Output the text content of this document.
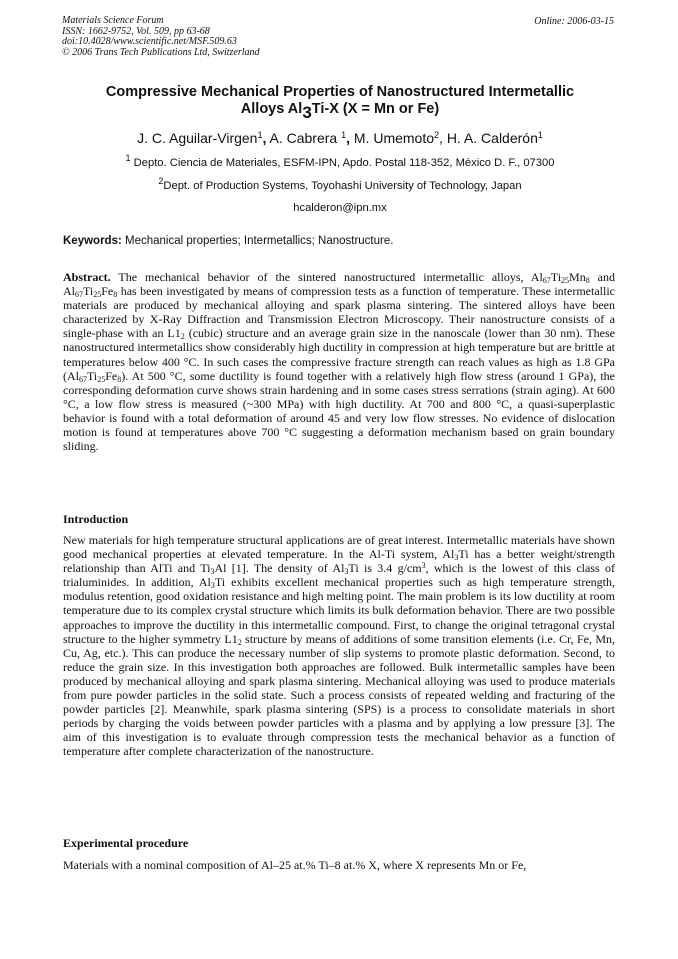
Materials Science Forum
ISSN: 1662-9752, Vol. 509, pp 63-68
doi:10.4028/www.scientific.net/MSF.509.63
© 2006 Trans Tech Publications Ltd, Switzerland
Online: 2006-03-15
Compressive Mechanical Properties of Nanostructured Intermetallic
Alloys $Al_3Ti-X$ (X = Mn or Fe)
J. C. Aguilar-Virgen$^1$, A. Cabrera $^1$, M. Umemoto$^2$, H. A. Calderón$^1$
$^1$ Depto. Ciencia de Materiales, ESFM-IPN, Apdo. Postal 118-352, México D. F., 07300
$^2$Dept. of Production Systems, Toyohashi University of Technology, Japan
hcalderon@ipn.mx
Keywords: Mechanical properties; Intermetallics; Nanostructure.
Abstract. The mechanical behavior of the sintered nanostructured intermetallic alloys, $Al_{67}Ti_{25}Mn_8$ and $Al_{67}Ti_{25}Fe_8$ has been investigated by means of compression tests as a function of temperature. These intermetallic materials are produced by mechanical alloying and spark plasma sintering. The sintered alloys have been characterized by X-Ray Diffraction and Transmission Electron Microscopy. Their nanostructure consists of a single-phase with an $L1_2$ (cubic) structure and an average grain size in the nanoscale (lower than 30 nm). These nanostructured intermetallics show considerably high ductility in compression at high temperature but are brittle at temperatures below 400 °C. In such cases the compressive fracture strength can reach values as high as 1.8 GPa $(Al_{67}Ti_{25}Fe_8)$. At 500 °C, some ductility is found together with a relatively high flow stress (around 1 GPa), the corresponding deformation curve shows strain hardening and in some cases stress serrations (strain aging). At 600 °C, a low flow stress is measured (~300 MPa) with high ductility. At 700 and 800 °C, a quasi-superplastic behavior is found with a total deformation of around 45 and very low flow stresses. No evidence of dislocation motion is found at temperatures above 700 °C suggesting a deformation mechanism based on grain boundary sliding.
Introduction
New materials for high temperature structural applications are of great interest. Intermetallic materials have shown good mechanical properties at elevated temperature. In the Al-Ti system, $Al_3Ti$ has a better weight/strength relationship than AlTi and $Ti_3Al$ [1]. The density of $Al_3Ti$ is 3.4 $g/cm^3$, which is the lowest of this class of trialuminides. In addition, $Al_3Ti$ exhibits excellent mechanical properties such as high temperature strength, modulus retention, good oxidation resistance and high melting point. The main problem is its low ductility at room temperature due to its complex crystal structure which limits its bulk deformation behavior. There are two possible approaches to improve the ductility in this intermetallic compound. First, to change the original tetragonal crystal structure to the higher symmetry $L1_2$ structure by means of additions of some transition elements (i.e. Cr, Fe, Mn, Cu, Ag, etc.). This can produce the necessary number of slip systems to promote plastic deformation. Second, to reduce the grain size. In this investigation both approaches are followed. Bulk intermetallic samples have been produced by mechanical alloying and spark plasma sintering. Mechanical alloying was used to produce materials from pure powder particles in the solid state. Such a process consists of repeated welding and fracturing of the powder particles [2]. Meanwhile, spark plasma sintering (SPS) is a process to consolidate materials in short periods by charging the voids between powder particles with a plasma and by applying a low pressure [3]. The aim of this investigation is to evaluate through compression tests the mechanical behavior as a function of temperature after complete characterization of the nanostructure.
Experimental procedure
Materials with a nominal composition of Al–25 at.% Ti–8 at.% X, where X represents Mn or Fe,
